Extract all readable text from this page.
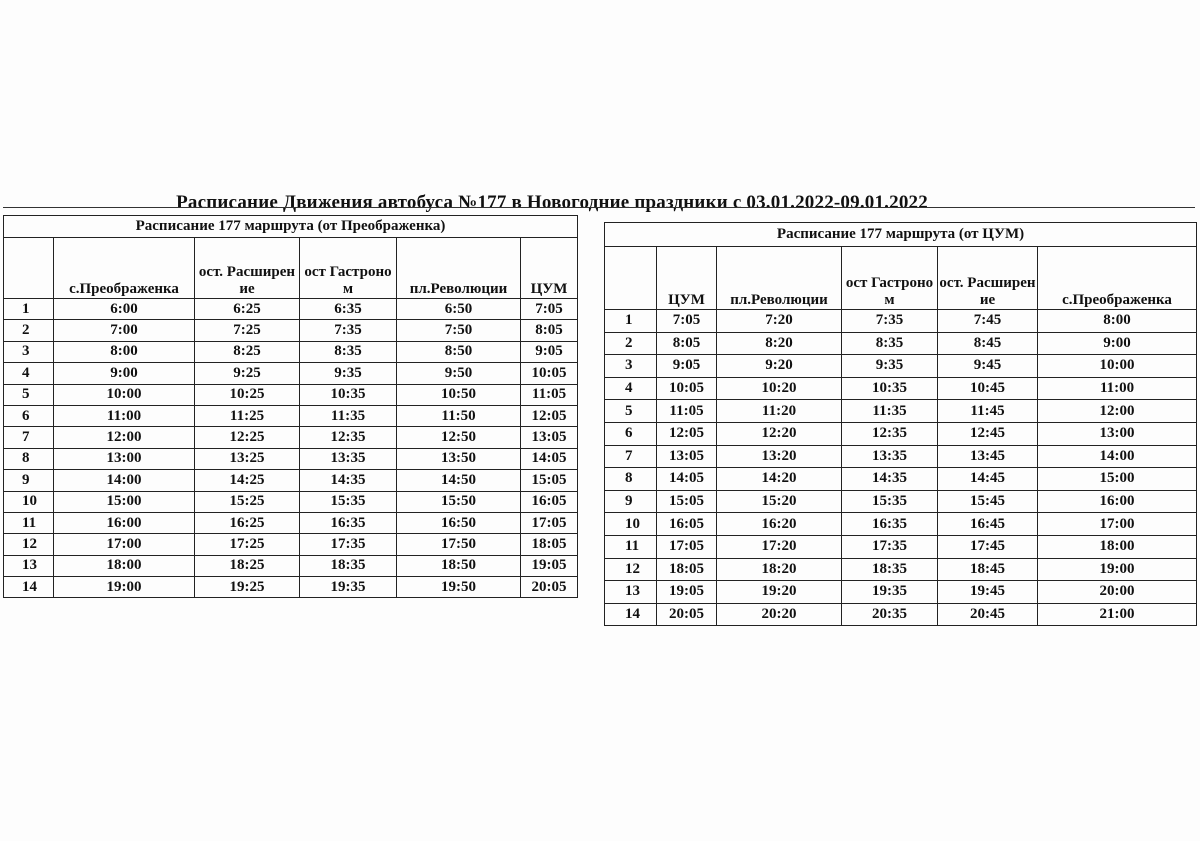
Расписание Движения автобуса №177 в Новогодние праздники с 03.01.2022-09.01.2022
Расписание 177 маршрута (от Преображенка)						
	с.Преображенка	ост. Расширение	ост Гастроном	пл.Революции	ЦУМ	
1	6:00	6:25	6:35	6:50	7:05	
2	7:00	7:25	7:35	7:50	8:05	
3	8:00	8:25	8:35	8:50	9:05	
4	9:00	9:25	9:35	9:50	10:05	
5	10:00	10:25	10:35	10:50	11:05	
6	11:00	11:25	11:35	11:50	12:05	
7	12:00	12:25	12:35	12:50	13:05	
8	13:00	13:25	13:35	13:50	14:05	
9	14:00	14:25	14:35	14:50	15:05	
10	15:00	15:25	15:35	15:50	16:05	
11	16:00	16:25	16:35	16:50	17:05	
12	17:00	17:25	17:35	17:50	18:05	
13	18:00	18:25	18:35	18:50	19:05	
14	19:00	19:25	19:35	19:50	20:05	
Расписание 177 маршрута (от ЦУМ)					
	ЦУМ	пл.Революции	ост Гастроном	ост. Расширение	с.Преображенка
1	7:05	7:20	7:35	7:45	8:00
2	8:05	8:20	8:35	8:45	9:00
3	9:05	9:20	9:35	9:45	10:00
4	10:05	10:20	10:35	10:45	11:00
5	11:05	11:20	11:35	11:45	12:00
6	12:05	12:20	12:35	12:45	13:00
7	13:05	13:20	13:35	13:45	14:00
8	14:05	14:20	14:35	14:45	15:00
9	15:05	15:20	15:35	15:45	16:00
10	16:05	16:20	16:35	16:45	17:00
11	17:05	17:20	17:35	17:45	18:00
12	18:05	18:20	18:35	18:45	19:00
13	19:05	19:20	19:35	19:45	20:00
14	20:05	20:20	20:35	20:45	21:00
